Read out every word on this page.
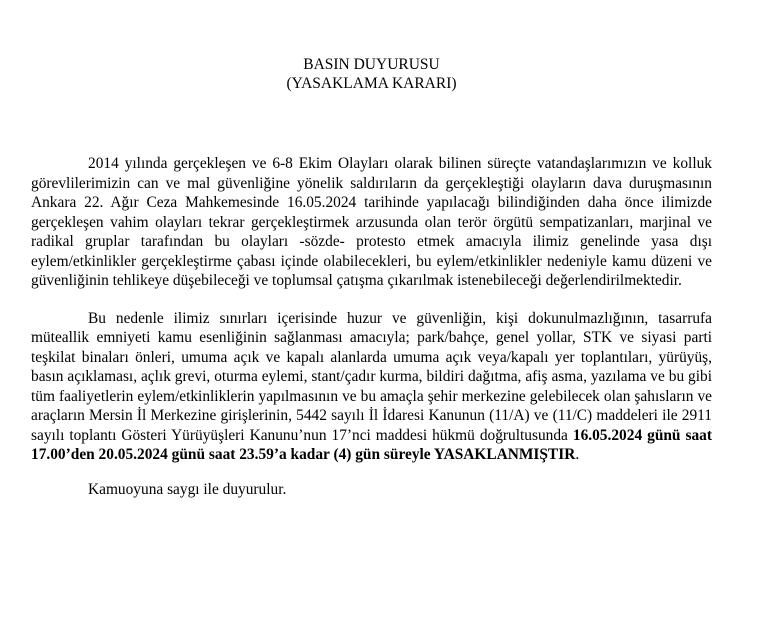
BASIN DUYURUSU
(YASAKLAMA KARARI)

2014 yılında gerçekleşen ve 6-8 Ekim Olayları olarak bilinen süreçte vatandaşlarımızın ve kolluk görevlilerimizin can ve mal güvenliğine yönelik saldırıların da gerçekleştiği olayların dava duruşmasının Ankara 22. Ağır Ceza Mahkemesinde 16.05.2024 tarihinde yapılacağı bilindiğinden daha önce ilimizde gerçekleşen vahim olayları tekrar gerçekleştirmek arzusunda olan terör örgütü sempatizanları, marjinal ve radikal gruplar tarafından bu olayları -sözde- protesto etmek amacıyla ilimiz genelinde yasa dışı eylem/etkinlikler gerçekleştirme çabası içinde olabilecekleri, bu eylem/etkinlikler nedeniyle kamu düzeni ve güvenliğinin tehlikeye düşebileceği ve toplumsal çatışma çıkarılmak istenebileceği değerlendirilmektedir.

Bu nedenle ilimiz sınırları içerisinde huzur ve güvenliğin, kişi dokunulmazlığının, tasarrufa müteallik emniyeti kamu esenliğinin sağlanması amacıyla; park/bahçe, genel yollar, STK ve siyasi parti teşkilat binaları önleri, umuma açık ve kapalı alanlarda umuma açık veya/kapalı yer toplantıları, yürüyüş, basın açıklaması, açlık grevi, oturma eylemi, stant/çadır kurma, bildiri dağıtma, afiş asma, yazılama ve bu gibi tüm faaliyetlerin eylem/etkinliklerin yapılmasının ve bu amaçla şehir merkezine gelebilecek olan şahısların ve araçların Mersin İl Merkezine girişlerinin, 5442 sayılı İl İdaresi Kanunun (11/A) ve (11/C) maddeleri ile 2911 sayılı toplantı Gösteri Yürüyüşleri Kanunu’nun 17’nci maddesi hükmü doğrultusunda 16.05.2024 günü saat 17.00’den 20.05.2024 günü saat 23.59’a kadar (4) gün süreyle YASAKLANMIŞTIR.

Kamuoyuna saygı ile duyurulur.
